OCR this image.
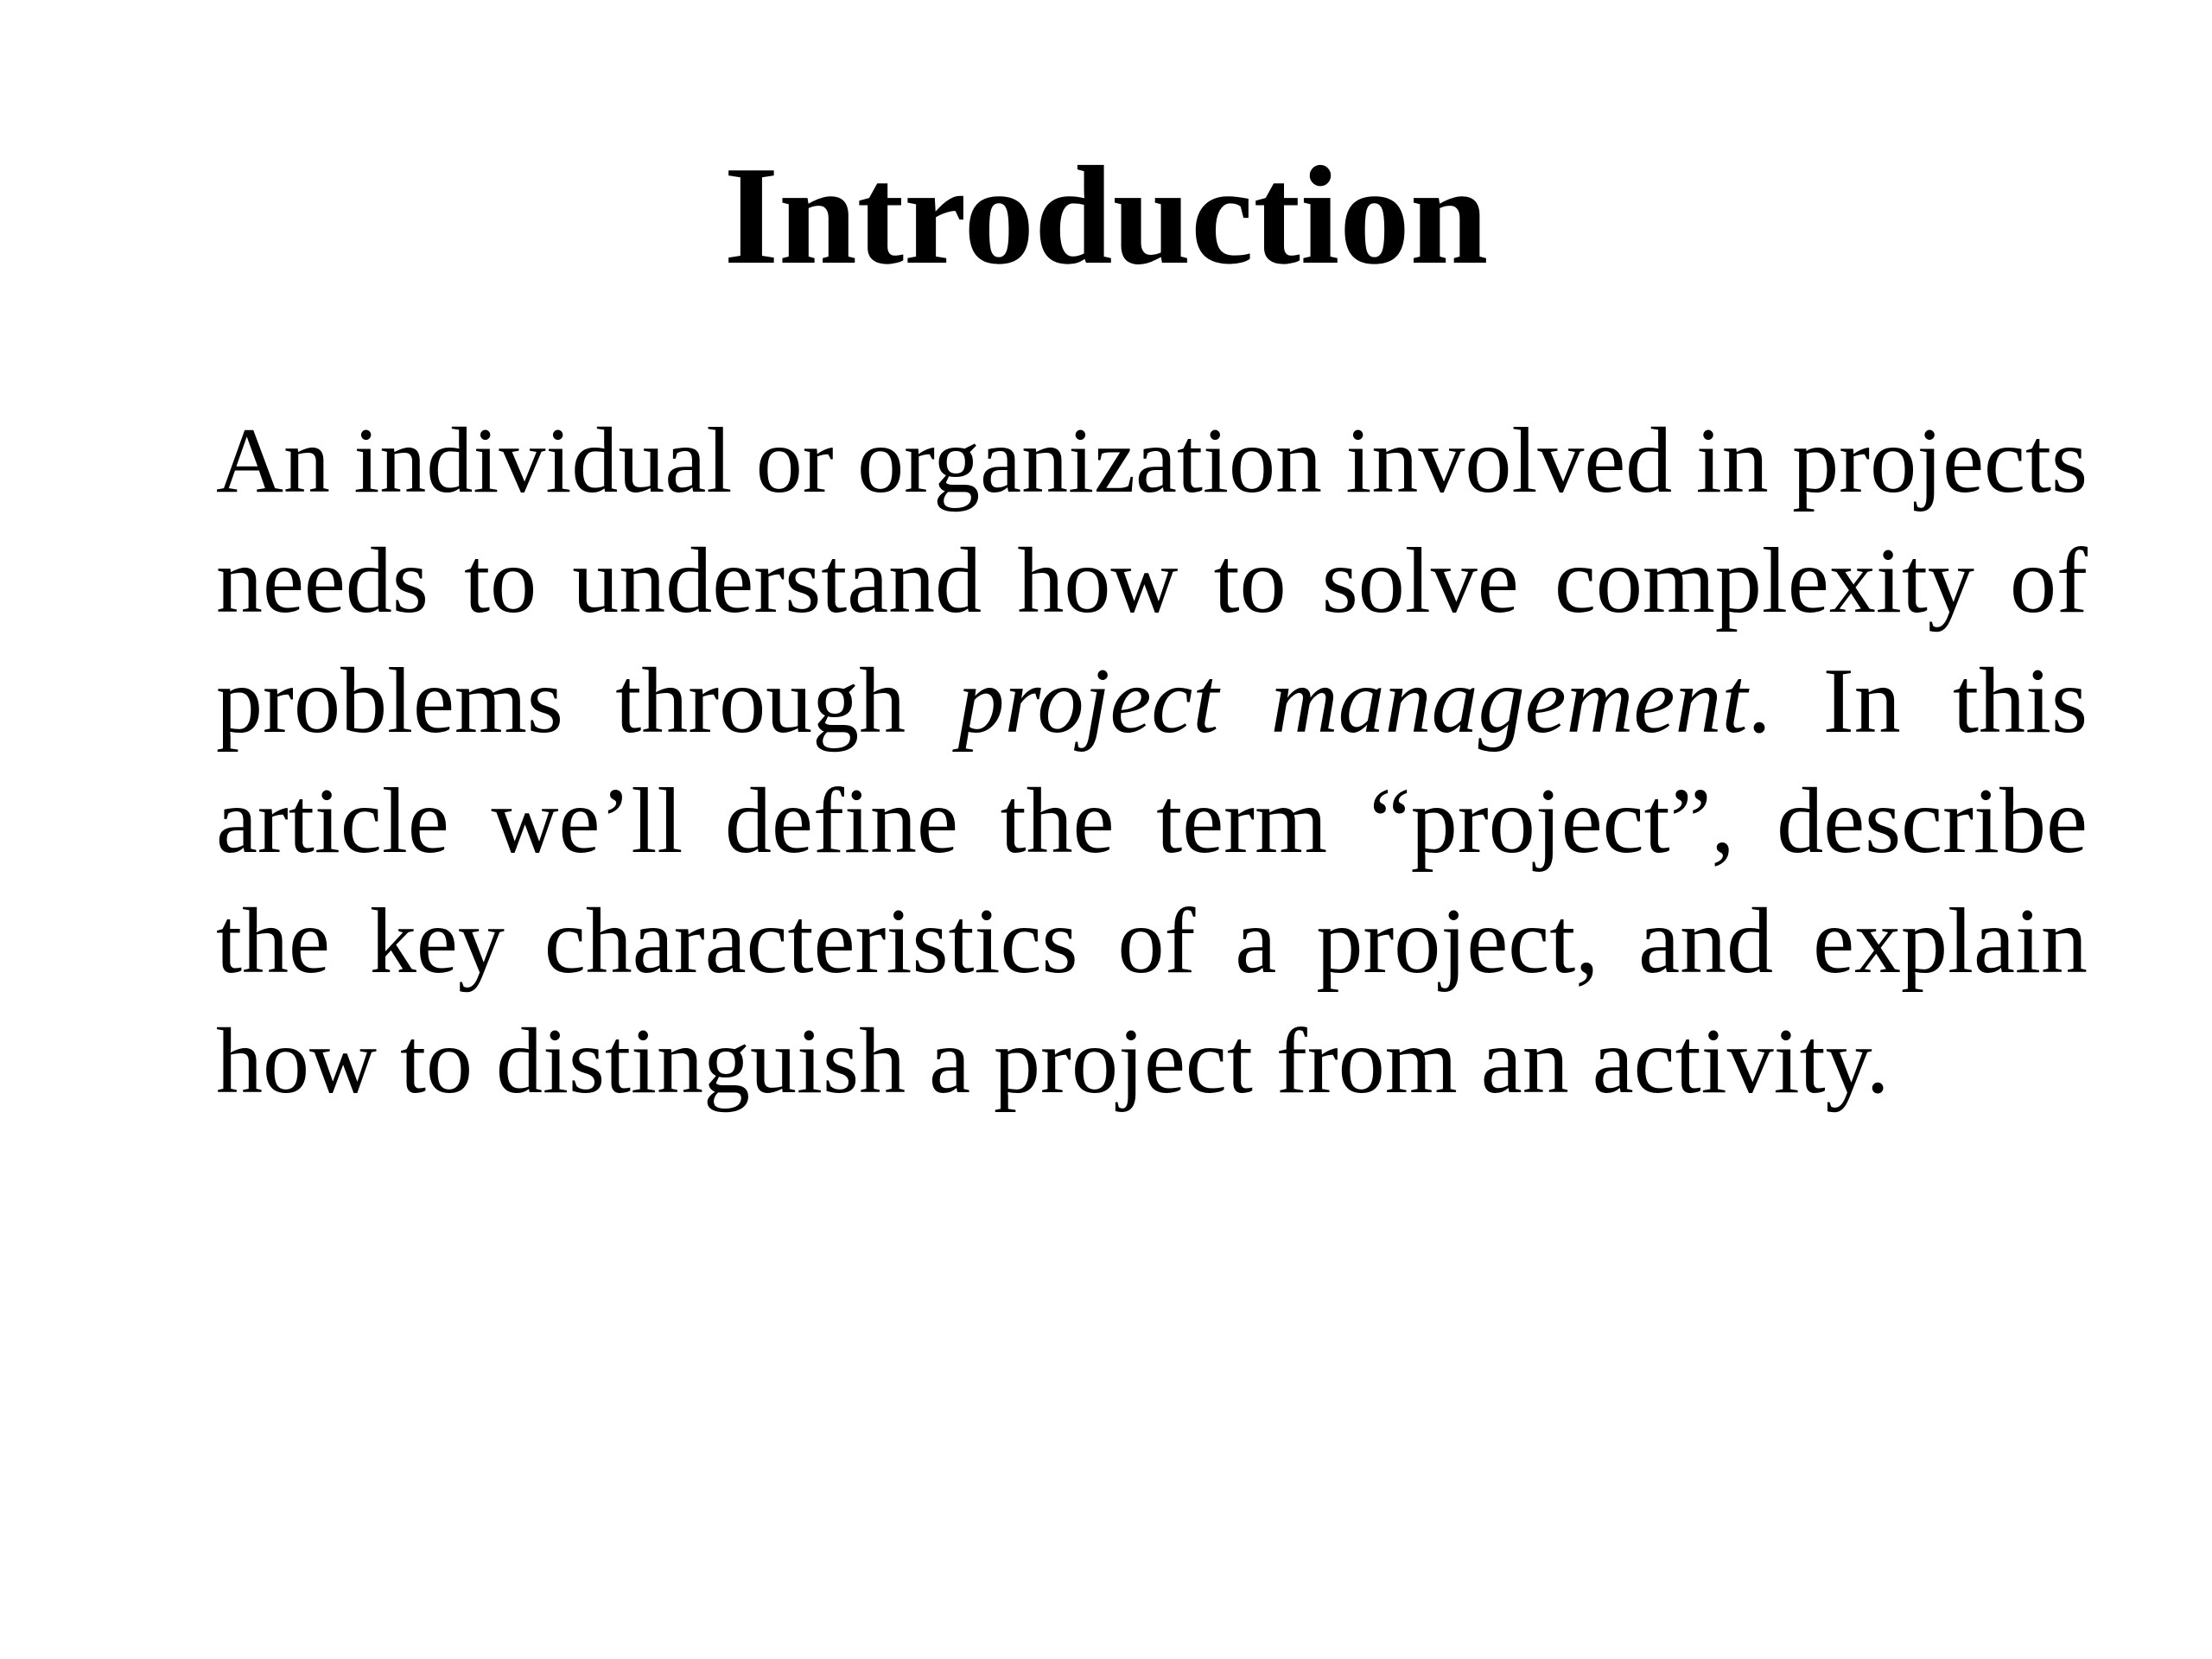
Introduction

An individual or organization involved in projects needs to understand how to solve complexity of problems through project management. In this article we’ll define the term “project”, describe the key characteristics of a project, and explain how to distinguish a project from an activity.
